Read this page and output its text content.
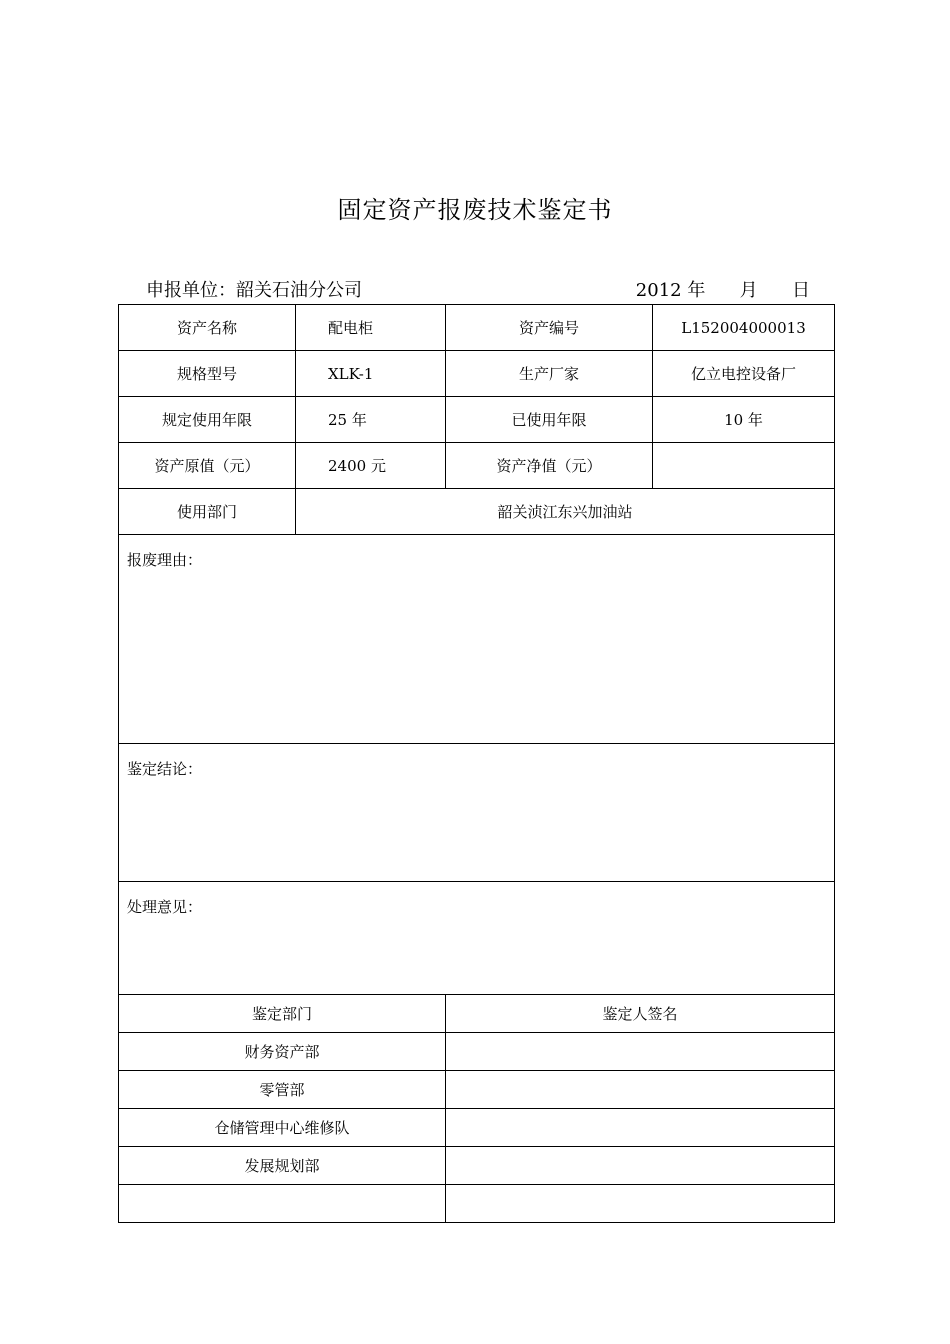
固定资产报废技术鉴定书
申报单位：韶关石油分公司	2012 年      月      日
资产名称	配电柜	资产编号	L152004000013
规格型号	XLK-1	生产厂家	亿立电控设备厂
规定使用年限	25 年	已使用年限	10 年
资产原值（元）	2400 元	资产净值（元）	
使用部门	韶关浈江东兴加油站		
报废理由：			
鉴定结论：			
处理意见：			
鉴定部门		鉴定人签名	
财务资产部			
零管部			
仓储管理中心维修队			
发展规划部			
